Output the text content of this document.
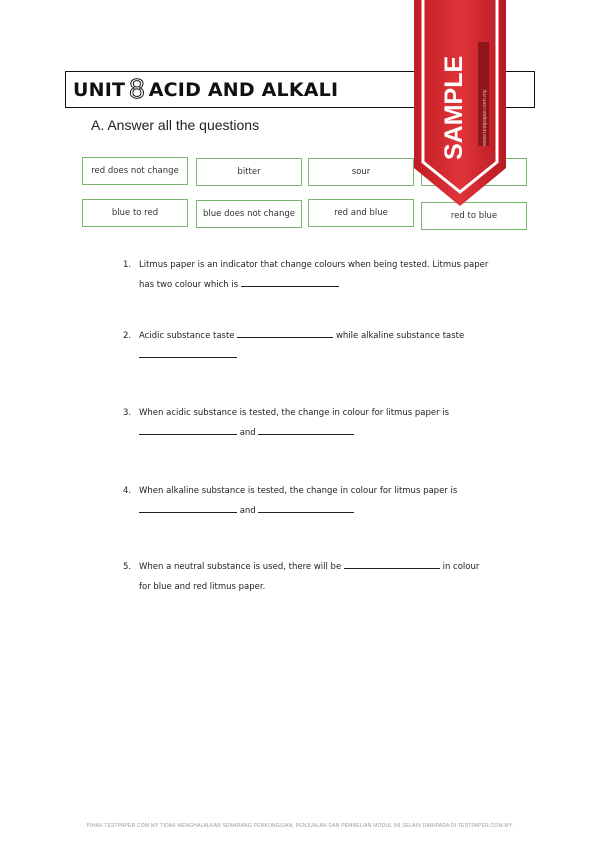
UNIT 8 ACID AND ALKALI
A. Answer all the questions
red does not change	bitter	sour
blue to red	blue does not change	red and blue	red to blue
1. Litmus paper is an indicator that change colours when being tested. Litmus paper
has two colour which is
2. Acidic substance taste	while alkaline substance taste
3. When acidic substance is tested, the change in colour for litmus paper is
and
4. When alkaline substance is tested, the change in colour for litmus paper is
and
5. When a neutral substance is used, there will be	in colour
for blue and red litmus paper.
SAMPLE	www.testpaper.com.my
PIHAK TESTPAPER.COM.MY TIDAK MENGHALALKAN SEBARANG PERKONGSIAN, PENJUALAN DAN PEMBELIAN MODUL INI SELAIN DARIPADA DI TESTPAPER.COM.MY.
